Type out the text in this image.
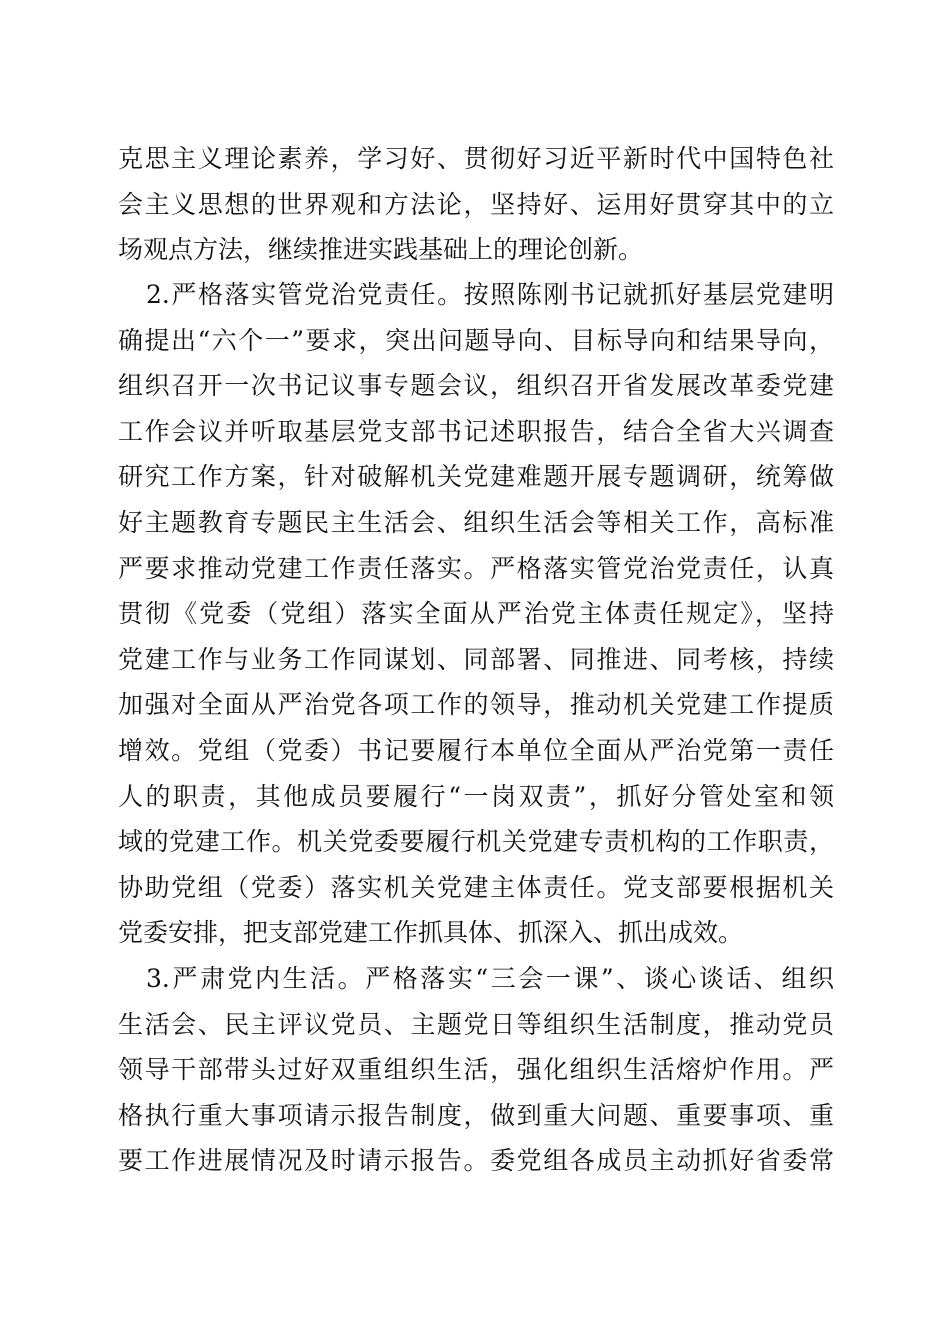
克思主义理论素养，学习好、贯彻好习近平新时代中国特色社
会主义思想的世界观和方法论，坚持好、运用好贯穿其中的立
场观点方法，继续推进实践基础上的理论创新。
2.严格落实管党治党责任。按照陈刚书记就抓好基层党建明
确提出“六个一”要求，突出问题导向、目标导向和结果导向，
组织召开一次书记议事专题会议，组织召开省发展改革委党建
工作会议并听取基层党支部书记述职报告，结合全省大兴调查
研究工作方案，针对破解机关党建难题开展专题调研，统筹做
好主题教育专题民主生活会、组织生活会等相关工作，高标准
严要求推动党建工作责任落实。严格落实管党治党责任，认真
贯彻《党委（党组）落实全面从严治党主体责任规定》，坚持
党建工作与业务工作同谋划、同部署、同推进、同考核，持续
加强对全面从严治党各项工作的领导，推动机关党建工作提质
增效。党组（党委）书记要履行本单位全面从严治党第一责任
人的职责，其他成员要履行“一岗双责”，抓好分管处室和领
域的党建工作。机关党委要履行机关党建专责机构的工作职责，
协助党组（党委）落实机关党建主体责任。党支部要根据机关
党委安排，把支部党建工作抓具体、抓深入、抓出成效。
3.严肃党内生活。严格落实“三会一课”、谈心谈话、组织
生活会、民主评议党员、主题党日等组织生活制度，推动党员
领导干部带头过好双重组织生活，强化组织生活熔炉作用。严
格执行重大事项请示报告制度，做到重大问题、重要事项、重
要工作进展情况及时请示报告。委党组各成员主动抓好省委常
